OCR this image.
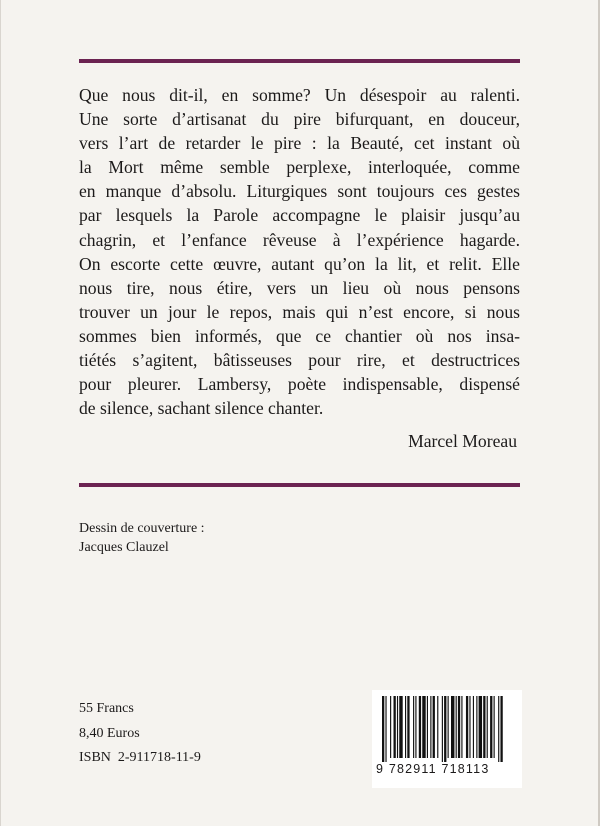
Que nous dit-il, en somme? Un désespoir au ralenti.
Une sorte d’artisanat du pire bifurquant, en douceur,
vers l’art de retarder le pire : la Beauté, cet instant où
la Mort même semble perplexe, interloquée, comme
en manque d’absolu. Liturgiques sont toujours ces gestes
par lesquels la Parole accompagne le plaisir jusqu’au
chagrin, et l’enfance rêveuse à l’expérience hagarde.
On escorte cette œuvre, autant qu’on la lit, et relit. Elle
nous tire, nous étire, vers un lieu où nous pensons
trouver un jour le repos, mais qui n’est encore, si nous
sommes bien informés, que ce chantier où nos insa-
tiétés s’agitent, bâtisseuses pour rire, et destructrices
pour pleurer. Lambersy, poète indispensable, dispensé
de silence, sachant silence chanter.
Marcel Moreau
Dessin de couverture :
Jacques Clauzel
55 Francs
8,40 Euros
ISBN  2-911718-11-9
9 782911 718113
